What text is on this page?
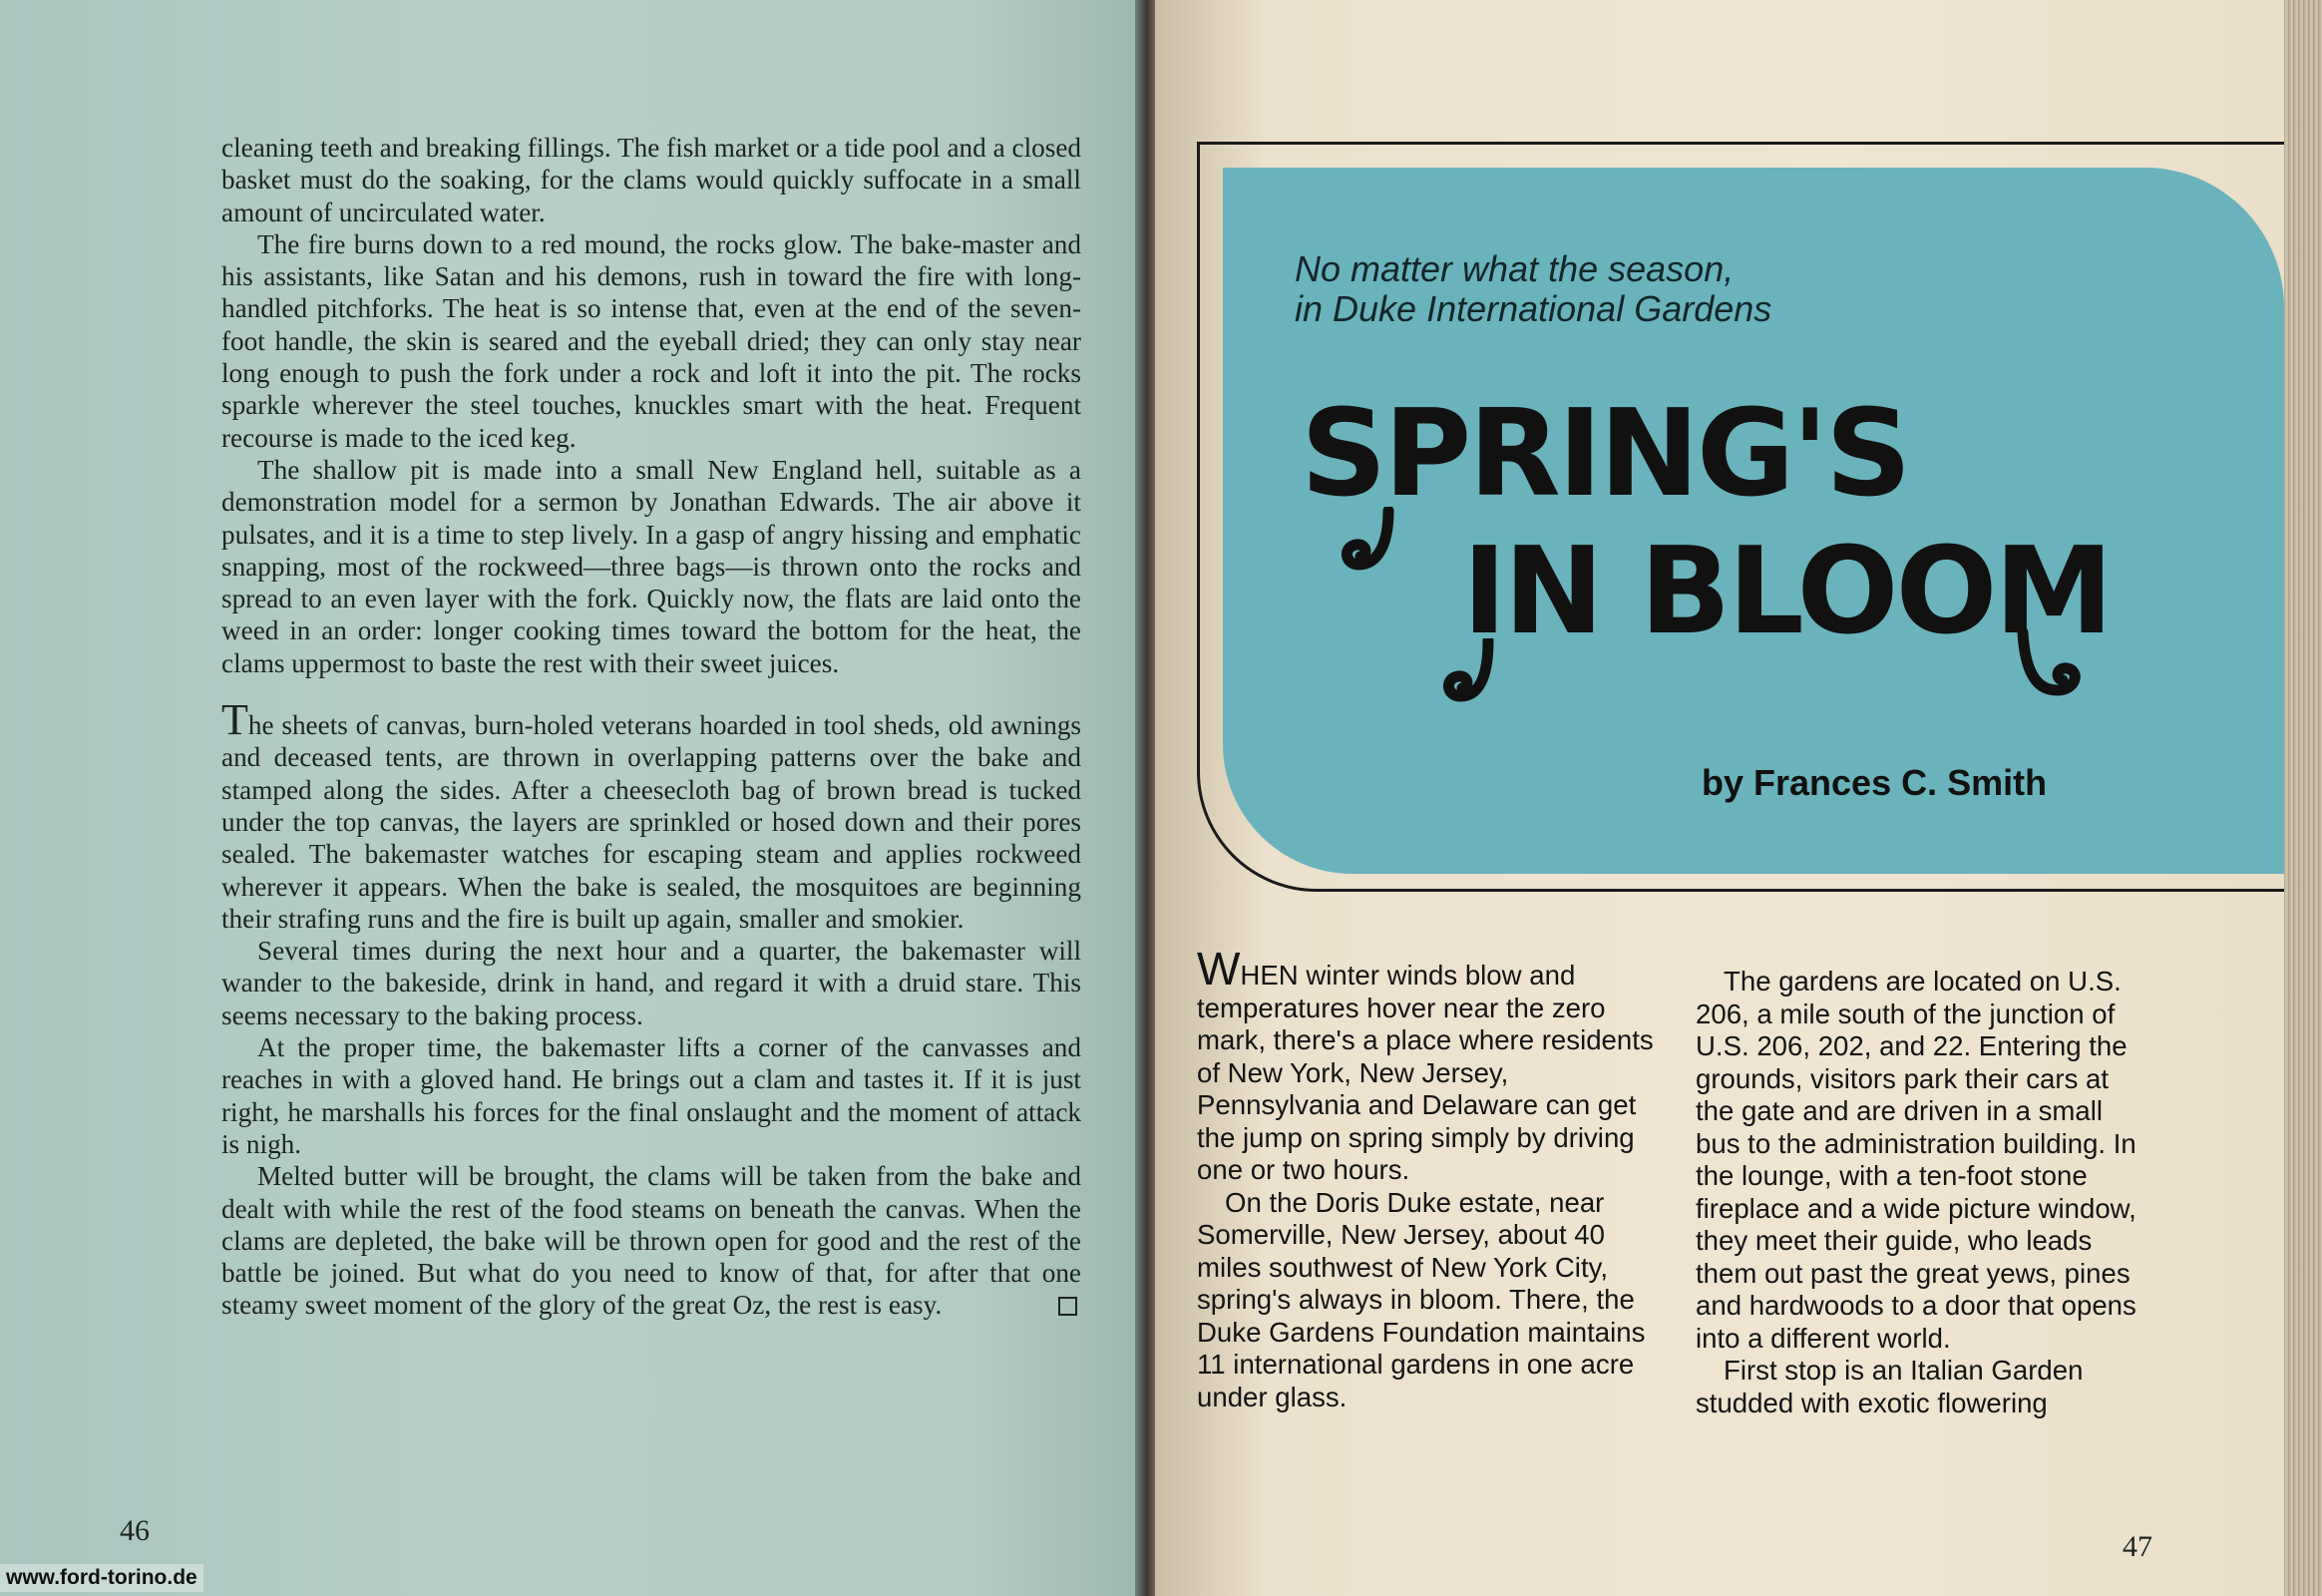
cleaning teeth and breaking fillings. The fish market or a tide pool and a closed basket must do the soaking, for the clams would quickly suffocate in a small amount of uncirculated water.

The fire burns down to a red mound, the rocks glow. The bake-master and his assistants, like Satan and his demons, rush in toward the fire with long-handled pitchforks. The heat is so intense that, even at the end of the seven-foot handle, the skin is seared and the eyeball dried; they can only stay near long enough to push the fork under a rock and loft it into the pit. The rocks sparkle wherever the steel touches, knuckles smart with the heat. Frequent recourse is made to the iced keg.

The shallow pit is made into a small New England hell, suitable as a demonstration model for a sermon by Jonathan Edwards. The air above it pulsates, and it is a time to step lively. In a gasp of angry hissing and emphatic snapping, most of the rockweed—three bags—is thrown onto the rocks and spread to an even layer with the fork. Quickly now, the flats are laid onto the weed in an order: longer cooking times toward the bottom for the heat, the clams uppermost to baste the rest with their sweet juices.

The sheets of canvas, burn-holed veterans hoarded in tool sheds, old awnings and deceased tents, are thrown in overlapping patterns over the bake and stamped along the sides. After a cheesecloth bag of brown bread is tucked under the top canvas, the layers are sprinkled or hosed down and their pores sealed. The bakemaster watches for escaping steam and applies rockweed wherever it appears. When the bake is sealed, the mosquitoes are beginning their strafing runs and the fire is built up again, smaller and smokier.

Several times during the next hour and a quarter, the bakemaster will wander to the bakeside, drink in hand, and regard it with a druid stare. This seems necessary to the baking process.

At the proper time, the bakemaster lifts a corner of the canvasses and reaches in with a gloved hand. He brings out a clam and tastes it. If it is just right, he marshalls his forces for the final onslaught and the moment of attack is nigh.

Melted butter will be brought, the clams will be taken from the bake and dealt with while the rest of the food steams on beneath the canvas. When the clams are depleted, the bake will be thrown open for good and the rest of the battle be joined. But what do you need to know of that, for after that one steamy sweet moment of the glory of the great Oz, the rest is easy.

46
www.ford-torino.de
No matter what the season,
in Duke International Gardens
SPRING'S
IN BLOOM
by Frances C. Smith

WHEN winter winds blow and temperatures hover near the zero mark, there's a place where residents of New York, New Jersey, Pennsylvania and Delaware can get the jump on spring simply by driving one or two hours.

On the Doris Duke estate, near Somerville, New Jersey, about 40 miles southwest of New York City, spring's always in bloom. There, the Duke Gardens Foundation maintains 11 international gardens in one acre under glass.

The gardens are located on U.S. 206, a mile south of the junction of U.S. 206, 202, and 22. Entering the grounds, visitors park their cars at the gate and are driven in a small bus to the administration building. In the lounge, with a ten-foot stone fireplace and a wide picture window, they meet their guide, who leads them out past the great yews, pines and hardwoods to a door that opens into a different world.

First stop is an Italian Garden studded with exotic flowering

47
